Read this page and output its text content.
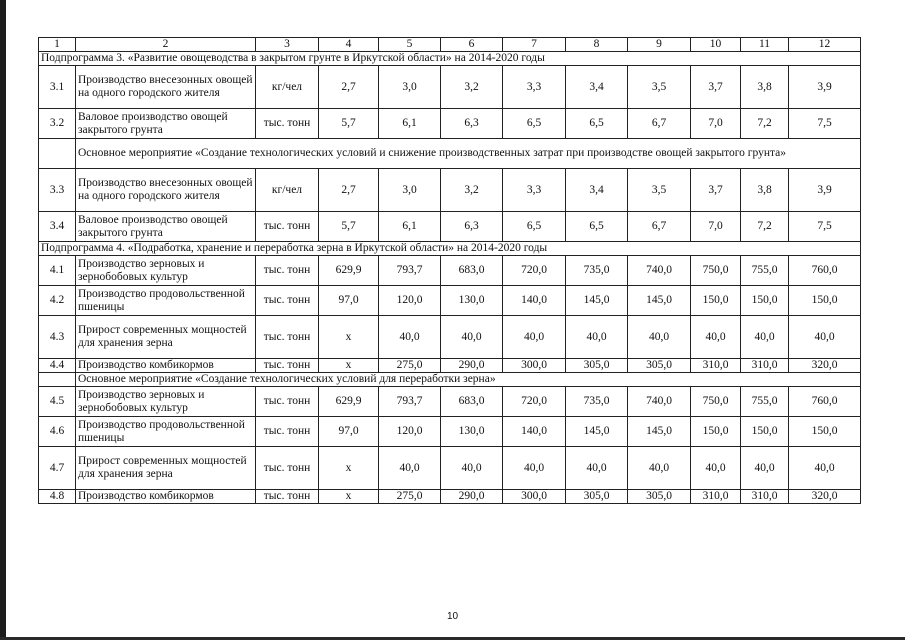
1	2	3	4	5	6	7	8	9	10	11	12
Подпрограмма 3. «Развитие овощеводства в закрытом грунте в Иркутской области» на 2014-2020 годы											
3.1	Производство внесезонных овощей на одного городского жителя	кг/чел	2,7	3,0	3,2	3,3	3,4	3,5	3,7	3,8	3,9
3.2	Валовое производство овощей закрытого грунта	тыс. тонн	5,7	6,1	6,3	6,5	6,5	6,7	7,0	7,2	7,5
	Основное мероприятие «Создание технологических условий и снижение производственных затрат при производстве овощей закрытого грунта»										
3.3	Производство внесезонных овощей на одного городского жителя	кг/чел	2,7	3,0	3,2	3,3	3,4	3,5	3,7	3,8	3,9
3.4	Валовое производство овощей закрытого грунта	тыс. тонн	5,7	6,1	6,3	6,5	6,5	6,7	7,0	7,2	7,5
Подпрограмма 4. «Подработка, хранение и переработка зерна в Иркутской области» на 2014-2020 годы											
4.1	Производство зерновых и зернобобовых культур	тыс. тонн	629,9	793,7	683,0	720,0	735,0	740,0	750,0	755,0	760,0
4.2	Производство продовольственной пшеницы	тыс. тонн	97,0	120,0	130,0	140,0	145,0	145,0	150,0	150,0	150,0
4.3	Прирост современных мощностей для хранения зерна	тыс. тонн	x	40,0	40,0	40,0	40,0	40,0	40,0	40,0	40,0
4.4	Производство комбикормов	тыс. тонн	x	275,0	290,0	300,0	305,0	305,0	310,0	310,0	320,0
	Основное мероприятие «Создание технологических условий для переработки зерна»										
4.5	Производство зерновых и зернобобовых культур	тыс. тонн	629,9	793,7	683,0	720,0	735,0	740,0	750,0	755,0	760,0
4.6	Производство продовольственной пшеницы	тыс. тонн	97,0	120,0	130,0	140,0	145,0	145,0	150,0	150,0	150,0
4.7	Прирост современных мощностей для хранения зерна	тыс. тонн	x	40,0	40,0	40,0	40,0	40,0	40,0	40,0	40,0
4.8	Производство комбикормов	тыс. тонн	x	275,0	290,0	300,0	305,0	305,0	310,0	310,0	320,0
10
